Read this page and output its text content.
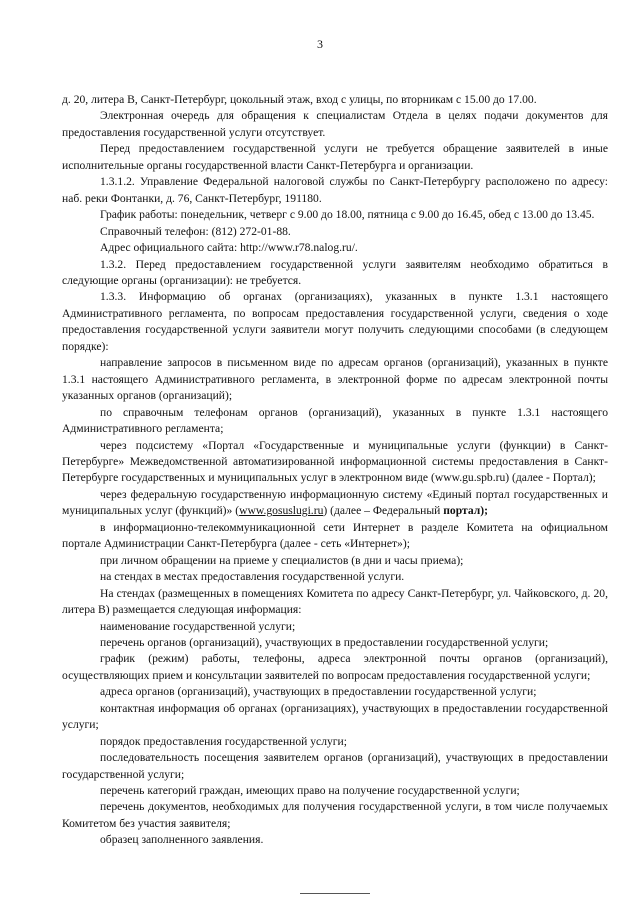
3

д. 20, литера В, Санкт-Петербург, цокольный этаж, вход с улицы, по вторникам с 15.00 до 17.00.

Электронная очередь для обращения к специалистам Отдела в целях подачи документов для предоставления государственной услуги отсутствует.

Перед предоставлением государственной услуги не требуется обращение заявителей в иные исполнительные органы государственной власти Санкт-Петербурга и организации.

1.3.1.2. Управление Федеральной налоговой службы по Санкт-Петербургу расположено по адресу: наб. реки Фонтанки, д. 76, Санкт-Петербург, 191180.

График работы: понедельник, четверг с 9.00 до 18.00, пятница с 9.00 до 16.45, обед с 13.00 до 13.45.

Справочный телефон: (812) 272-01-88.

Адрес официального сайта: http://www.r78.nalog.ru/.

1.3.2. Перед предоставлением государственной услуги заявителям необходимо обратиться в следующие органы (организации): не требуется.

1.3.3. Информацию об органах (организациях), указанных в пункте 1.3.1 настоящего Административного регламента, по вопросам предоставления государственной услуги, сведения о ходе предоставления государственной услуги заявители могут получить следующими способами (в следующем порядке):

направление запросов в письменном виде по адресам органов (организаций), указанных в пункте 1.3.1 настоящего Административного регламента, в электронной форме по адресам электронной почты указанных органов (организаций);

по справочным телефонам органов (организаций), указанных в пункте 1.3.1 настоящего Административного регламента;

через подсистему «Портал «Государственные и муниципальные услуги (функции) в Санкт-Петербурге» Межведомственной автоматизированной информационной системы предоставления в Санкт-Петербурге государственных и муниципальных услуг в электронном виде (www.gu.spb.ru) (далее - Портал);

через федеральную государственную информационную систему «Единый портал государственных и муниципальных услуг (функций)» (www.gosuslugi.ru) (далее – Федеральный портал);

в информационно-телекоммуникационной сети Интернет в разделе Комитета на официальном портале Администрации Санкт-Петербурга (далее - сеть «Интернет»);

при личном обращении на приеме у специалистов (в дни и часы приема);

на стендах в местах предоставления государственной услуги.

На стендах (размещенных в помещениях Комитета по адресу Санкт-Петербург, ул. Чайковского, д. 20, литера В) размещается следующая информация:

наименование государственной услуги;

перечень органов (организаций), участвующих в предоставлении государственной услуги;

график (режим) работы, телефоны, адреса электронной почты органов (организаций), осуществляющих прием и консультации заявителей по вопросам предоставления государственной услуги;

адреса органов (организаций), участвующих в предоставлении государственной услуги;

контактная информация об органах (организациях), участвующих в предоставлении государственной услуги;

порядок предоставления государственной услуги;

последовательность посещения заявителем органов (организаций), участвующих в предоставлении государственной услуги;

перечень категорий граждан, имеющих право на получение государственной услуги;

перечень документов, необходимых для получения государственной услуги, в том числе получаемых Комитетом без участия заявителя;

образец заполненного заявления.
